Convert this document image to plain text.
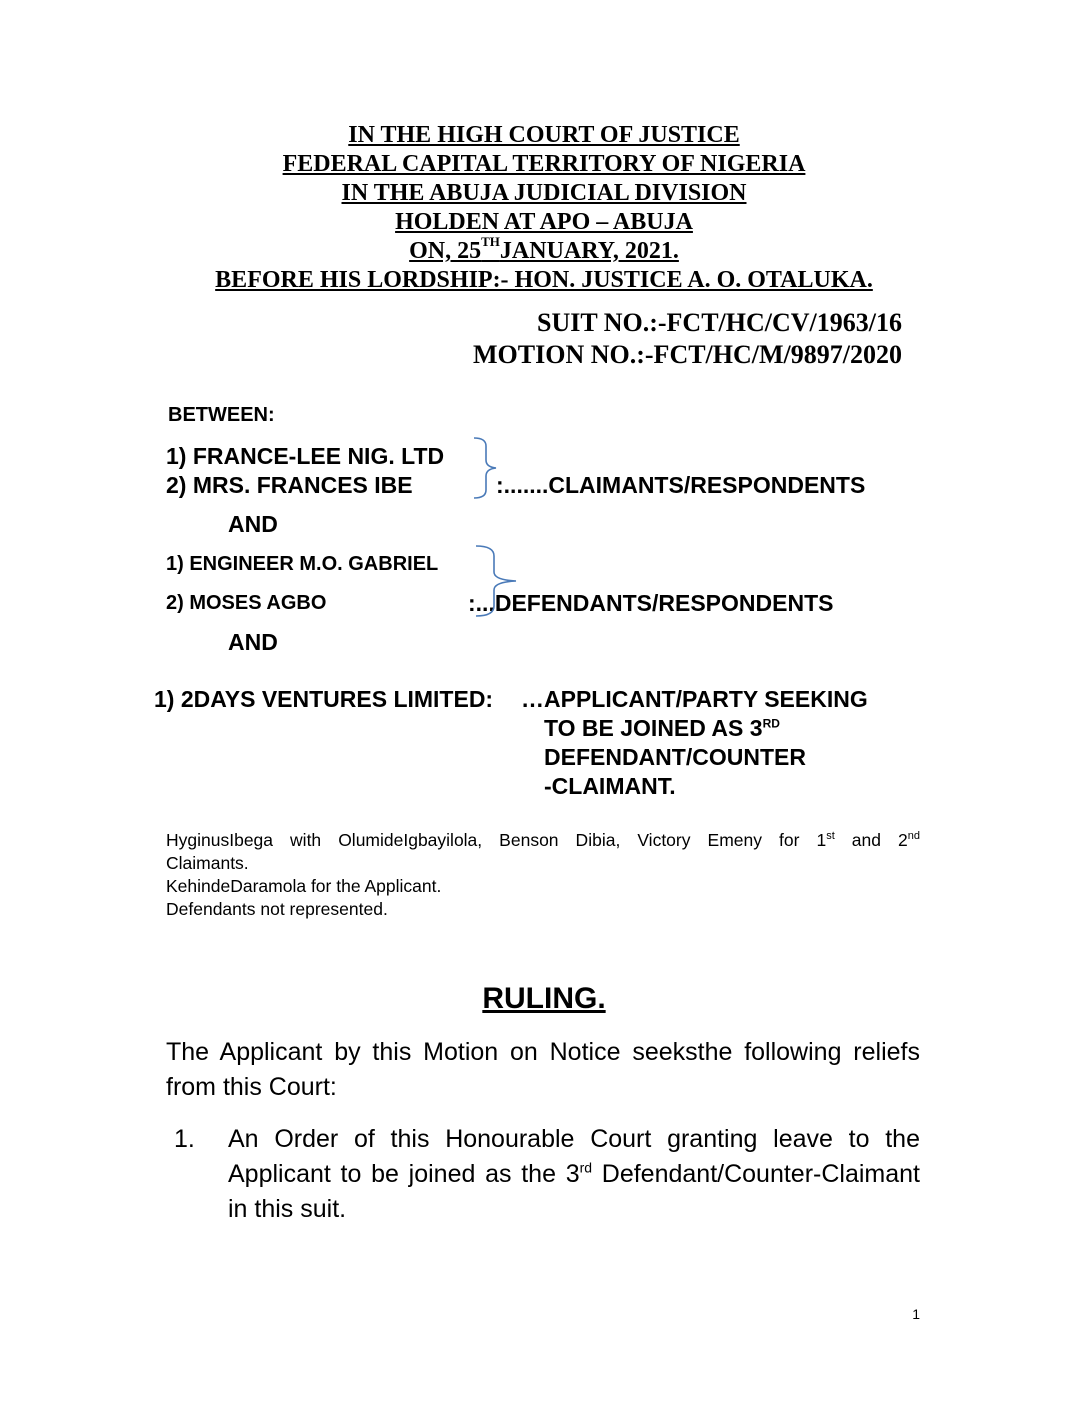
IN THE HIGH COURT OF JUSTICE
FEDERAL CAPITAL TERRITORY OF NIGERIA
IN THE ABUJA JUDICIAL DIVISION
HOLDEN AT APO – ABUJA
ON, 25THJANUARY, 2021.
BEFORE HIS LORDSHIP:- HON. JUSTICE A. O. OTALUKA.
SUIT NO.:-FCT/HC/CV/1963/16
MOTION NO.:-FCT/HC/M/9897/2020
BETWEEN:
1) FRANCE-LEE NIG. LTD
2) MRS. FRANCES IBE	:.......CLAIMANTS/RESPONDENTS
AND
1) ENGINEER M.O. GABRIEL
2) MOSES AGBO	:...DEFENDANTS/RESPONDENTS
AND
1) 2DAYS VENTURES LIMITED: …APPLICANT/PARTY SEEKING
TO BE JOINED AS 3RD
DEFENDANT/COUNTER
-CLAIMANT.
HyginusIbega with OlumideIgbayilola, Benson Dibia, Victory Emeny for 1st and 2nd
Claimants.
KehindeDaramola for the Applicant.
Defendants not represented.
RULING.
The Applicant by this Motion on Notice seeksthe following reliefs from this Court:
1. An Order of this Honourable Court granting leave to the Applicant to be joined as the 3rd Defendant/Counter-Claimant in this suit.
1
